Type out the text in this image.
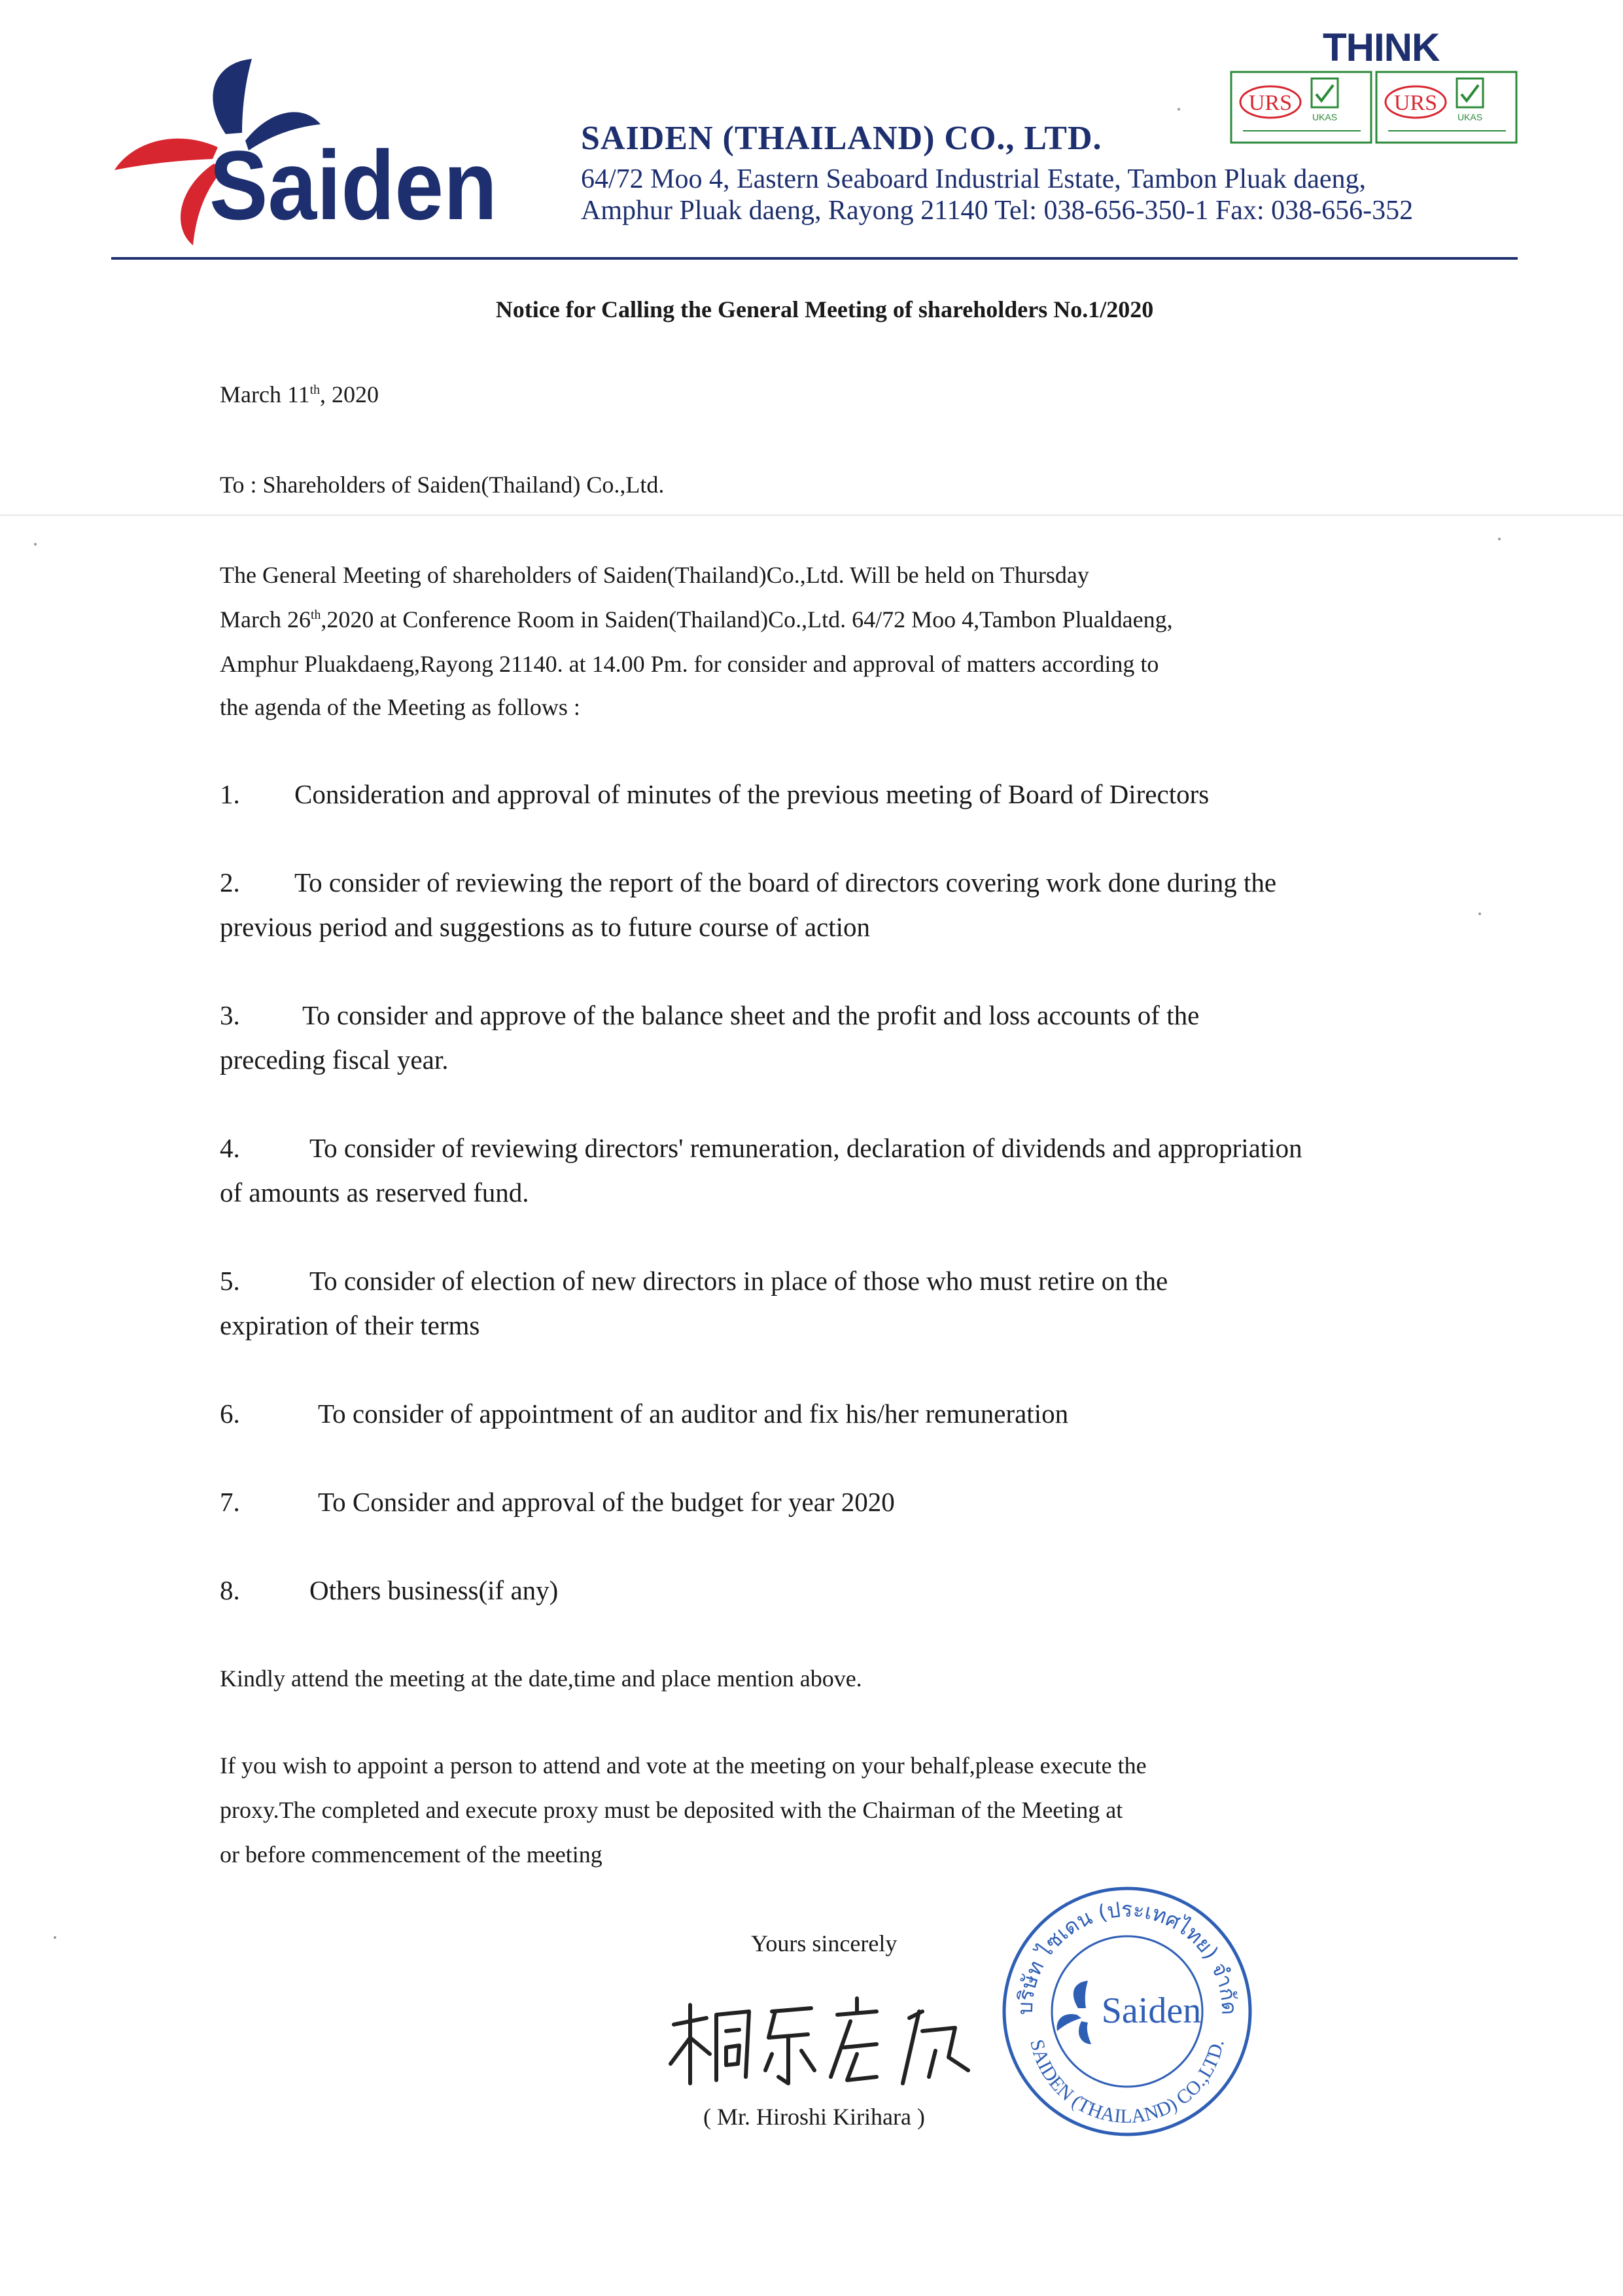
Saiden SAIDEN (THAILAND) CO., LTD.
64/72 Moo 4, Eastern Seaboard Industrial Estate, Tambon Pluak daeng,
Amphur Pluak daeng, Rayong 21140 Tel: 038-656-350-1 Fax: 038-656-352
THINK
URS
UKAS
URS
UKAS
Notice for Calling the General Meeting of shareholders No.1/2020
March 11th, 2020
To : Shareholders of Saiden(Thailand) Co.,Ltd.
The General Meeting of shareholders of Saiden(Thailand)Co.,Ltd. Will be held on Thursday
March 26th,2020 at Conference Room in Saiden(Thailand)Co.,Ltd. 64/72 Moo 4,Tambon Plualdaeng,
Amphur Pluakdaeng,Rayong 21140. at 14.00 Pm. for consider and approval of matters according to
the agenda of the Meeting as follows :
1. Consideration and approval of minutes of the previous meeting of Board of Directors
2. To consider of reviewing the report of the board of directors covering work done during the
previous period and suggestions as to future course of action
3. To consider and approve of the balance sheet and the profit and loss accounts of the
preceding fiscal year.
4.	To consider of reviewing directors' remuneration, declaration of dividends and appropriation
of amounts as reserved fund.
5.	To consider of election of new directors in place of those who must retire on the
expiration of their terms
6.	To consider of appointment of an auditor and fix his/her remuneration
7.	To Consider and approval of the budget for year 2020
8.	Others business(if any)
Kindly attend the meeting at the date,time and place mention above.
If you wish to appoint a person to attend and vote at the meeting on your behalf,please execute the
proxy.The completed and execute proxy must be deposited with the Chairman of the Meeting at
or before commencement of the meeting
Yours sincerely
( Mr. Hiroshi Kirihara )
บริษัท ไซเดน (ประเทศไทย) จำกัด
SAIDEN (THAILAND) CO.,LTD.
Saiden
